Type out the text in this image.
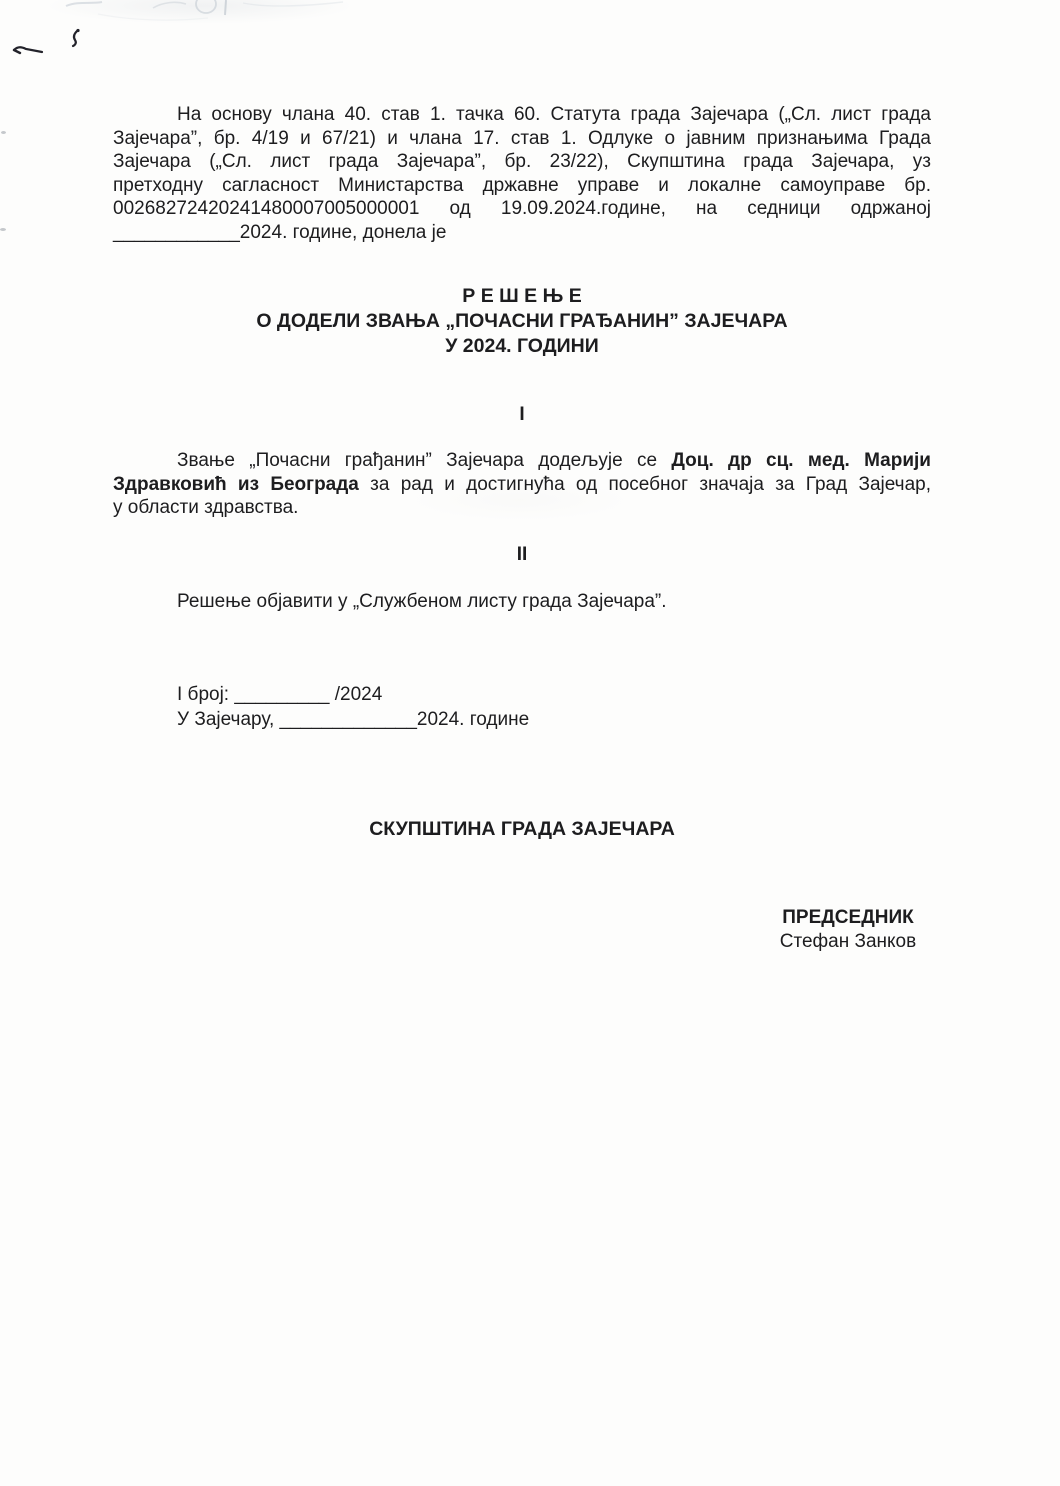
На основу члана 40. став 1. тачка 60. Статута града Зајечара („Сл. лист града
Зајечара”, бр. 4/19 и 67/21) и члана 17. став 1. Одлуке о јавним признањима Града
Зајечара („Сл. лист града Зајечара”, бр. 23/22), Скупштина града Зајечара, уз
претходну сагласност Министарства државне управе и локалне самоуправе бр.
00268272420241480007005000001 од 19.09.2024.године, на седници одржаној
____________2024. године, донела је
Р Е Ш Е Њ Е
О ДОДЕЛИ ЗВАЊА „ПОЧАСНИ ГРАЂАНИН” ЗАЈЕЧАРА
У 2024. ГОДИНИ
I
Звање „Почасни грађанин” Зајечара додељује се Доц. др сц. мед. Марији
Здравковић из Београда за рад и достигнућа од посебног значаја за Град Зајечар,
у области здравства.
II
Решење објавити у „Службеном листу града Зајечара”.
I број: _________ /2024
У Зајечару, _____________2024. године
СКУПШТИНА ГРАДА ЗАЈЕЧАРА
ПРЕДСЕДНИК
Стефан Занков
